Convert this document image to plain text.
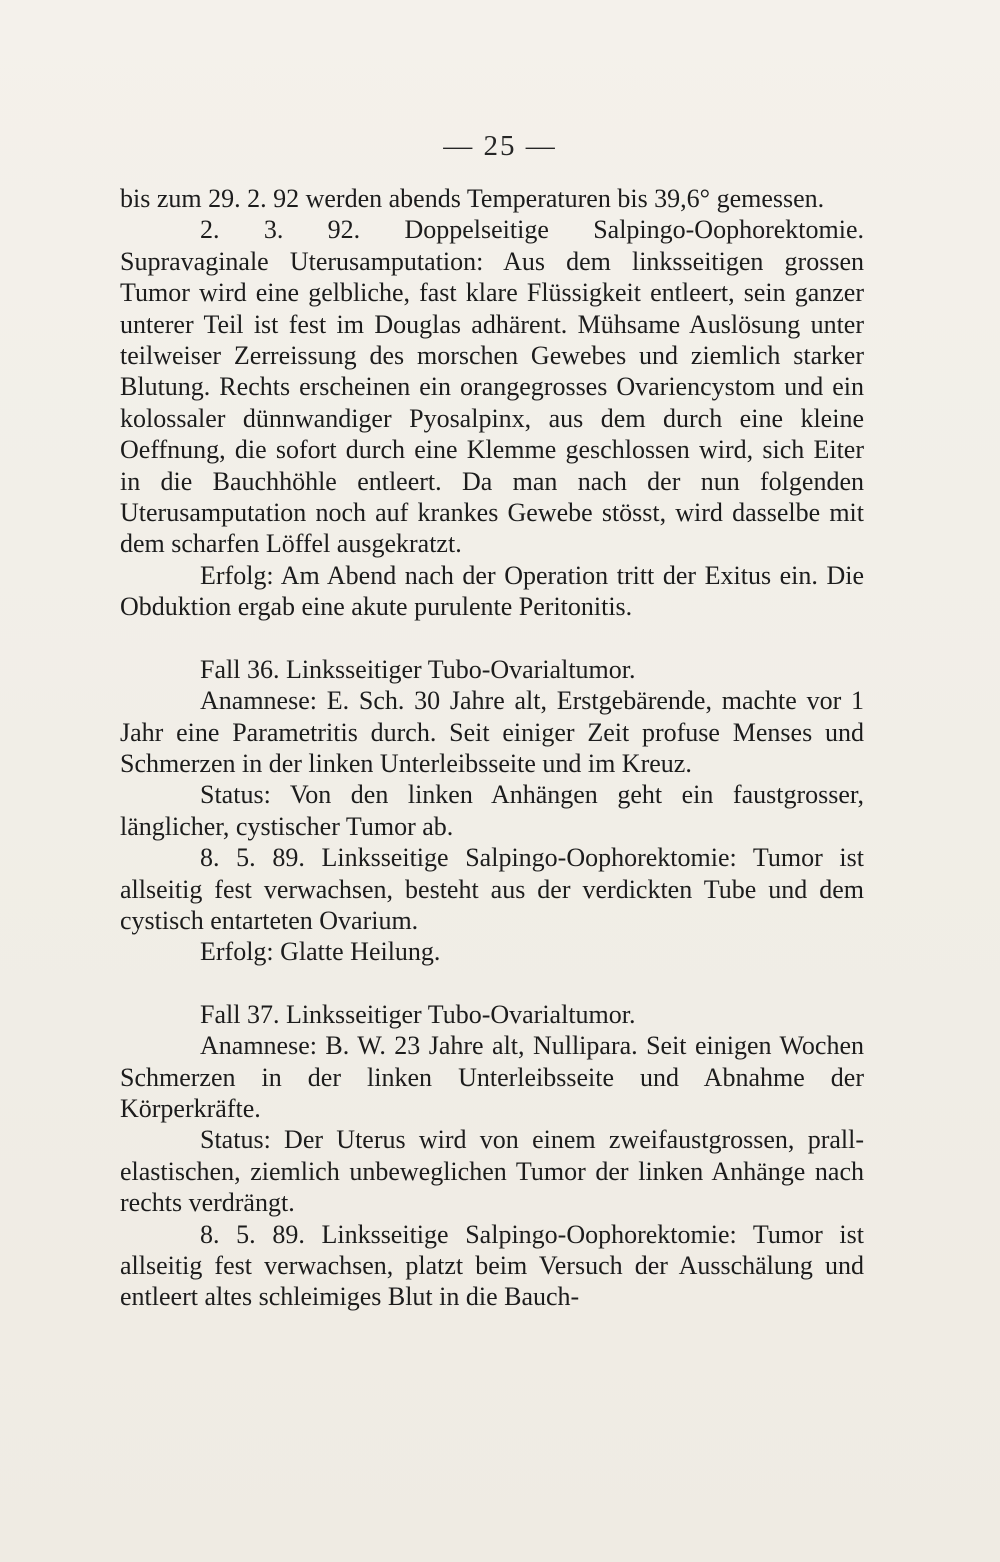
— 25 —

bis zum 29. 2. 92 werden abends Temperaturen bis 39,6° gemessen.

2. 3. 92. Doppelseitige Salpingo-Oophorektomie. Supravaginale Uterusamputation: Aus dem linksseitigen grossen Tumor wird eine gelbliche, fast klare Flüssigkeit entleert, sein ganzer unterer Teil ist fest im Douglas adhärent. Mühsame Auslösung unter teilweiser Zerreissung des morschen Gewebes und ziemlich starker Blutung. Rechts erscheinen ein orangegrosses Ovariencystom und ein kolossaler dünnwandiger Pyosalpinx, aus dem durch eine kleine Oeffnung, die sofort durch eine Klemme geschlossen wird, sich Eiter in die Bauchhöhle entleert. Da man nach der nun folgenden Uterusamputation noch auf krankes Gewebe stösst, wird dasselbe mit dem scharfen Löffel ausgekratzt.

Erfolg: Am Abend nach der Operation tritt der Exitus ein. Die Obduktion ergab eine akute purulente Peritonitis.

Fall 36. Linksseitiger Tubo-Ovarialtumor.

Anamnese: E. Sch. 30 Jahre alt, Erstgebärende, machte vor 1 Jahr eine Parametritis durch. Seit einiger Zeit profuse Menses und Schmerzen in der linken Unterleibsseite und im Kreuz.

Status: Von den linken Anhängen geht ein faustgrosser, länglicher, cystischer Tumor ab.

8. 5. 89. Linksseitige Salpingo-Oophorektomie: Tumor ist allseitig fest verwachsen, besteht aus der verdickten Tube und dem cystisch entarteten Ovarium.

Erfolg: Glatte Heilung.

Fall 37. Linksseitiger Tubo-Ovarialtumor.

Anamnese: B. W. 23 Jahre alt, Nullipara. Seit einigen Wochen Schmerzen in der linken Unterleibsseite und Abnahme der Körperkräfte.

Status: Der Uterus wird von einem zweifaustgrossen, prall-elastischen, ziemlich unbeweglichen Tumor der linken Anhänge nach rechts verdrängt.

8. 5. 89. Linksseitige Salpingo-Oophorektomie: Tumor ist allseitig fest verwachsen, platzt beim Versuch der Ausschälung und entleert altes schleimiges Blut in die Bauch-
